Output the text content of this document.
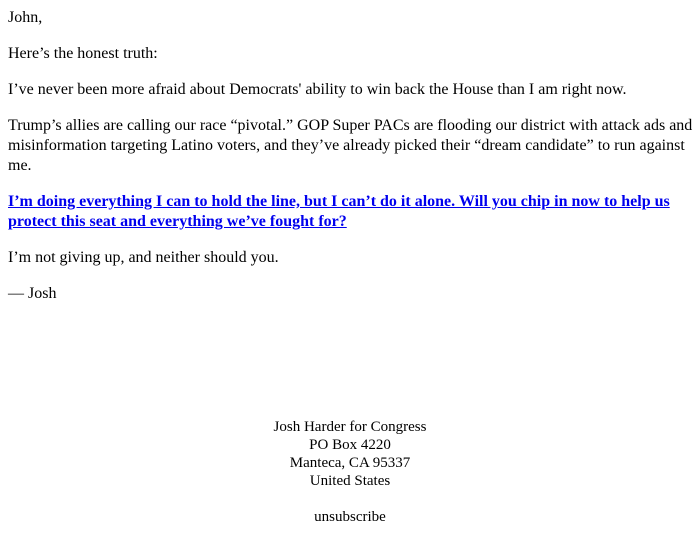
John,

Here’s the honest truth:

I’ve never been more afraid about Democrats' ability to win back the House than I am right now.

Trump’s allies are calling our race “pivotal.” GOP Super PACs are flooding our district with attack ads and misinformation targeting Latino voters, and they’ve already picked their “dream candidate” to run against me.

I’m doing everything I can to hold the line, but I can’t do it alone. Will you chip in now to help us protect this seat and everything we’ve fought for?

I’m not giving up, and neither should you.

— Josh

Josh Harder for Congress
PO Box 4220
Manteca, CA 95337
United States
unsubscribe
